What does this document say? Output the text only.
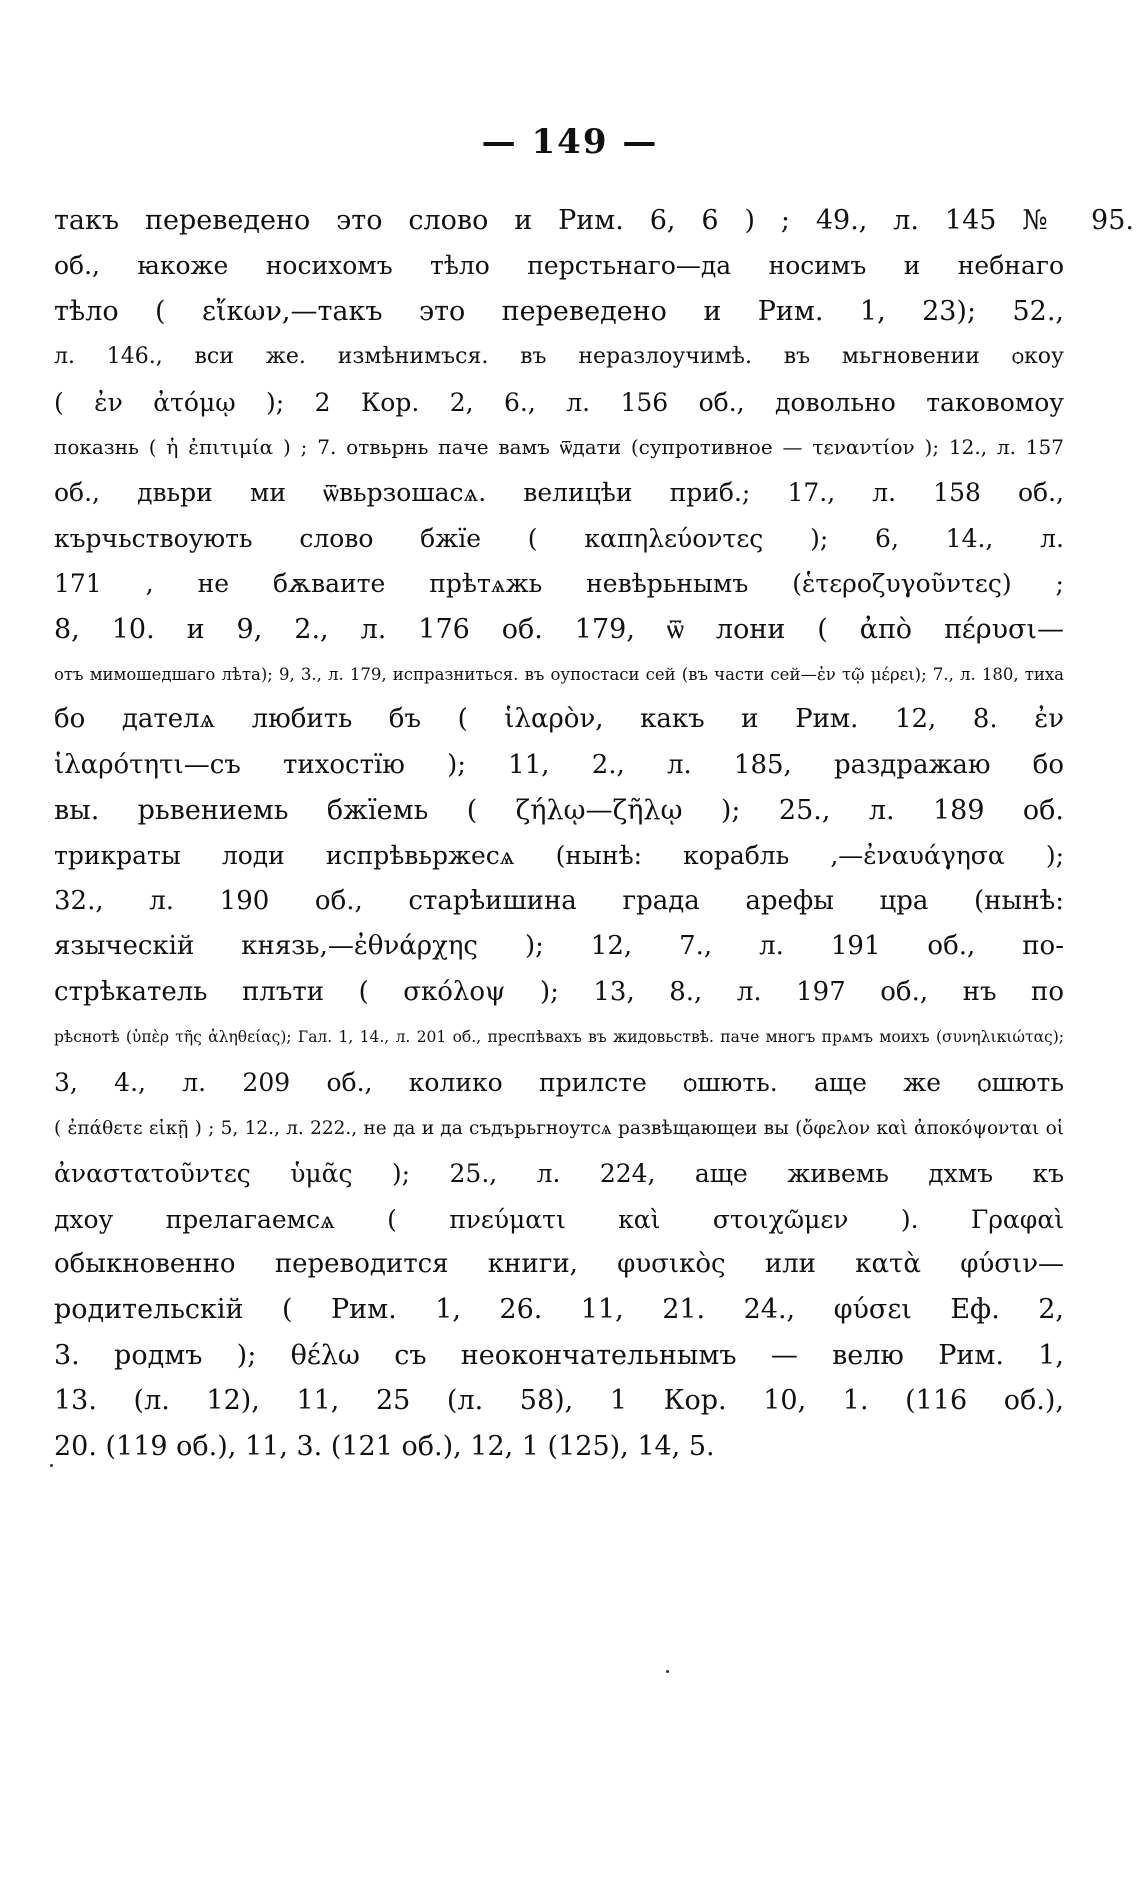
— 149 —
такъ переведено это слово и Рим. 6, 6 ) ; 49., л. 145 № 95.
об., ꙗкоже носихомъ тѣло перстьнаго—да носимъ и небнаго
тѣло ( εἴκων,—такъ это переведено и Рим. 1, 23); 52.,
л. 146., вси же. измѣнимъся. въ неразлоучимѣ. въ мьгновении ѻкоу
( ἐν ἀτόμῳ ); 2 Кор. 2, 6., л. 156 об., довольно таковомоу
показнь ( ἡ ἐπιτιμία ) ; 7. отвьрнь паче вамъ ѿдати (супротивное — τεναντίον ); 12., л. 157
об., двьри ми ѿвьрзошасѧ. велицѣи приб.; 17., л. 158 об.,
кърчьствоують слово бжїе ( καπηλεύοντες ); 6, 14., л.
171 , не бѫваите прѣтѧжь невѣрьнымъ (ἑτεροζυγοῦντες) ;
8, 10. и 9, 2., л. 176 об. 179, ѿ лони ( ἀπὸ πέρυσι—
отъ мимошедшаго лѣта); 9, 3., л. 179, испразниться. въ оупостаси сей (въ части сей—ἐν τῷ μέρει); 7., л. 180, тиха
бо дателѧ любить бъ ( ἱλαρὸν, какъ и Рим. 12, 8. ἐν
ἱλαρότητι—съ тихостїю ); 11, 2., л. 185, раздражаю бо
вы. рьвениемь бжїемь ( ζήλῳ—ζῆλῳ ); 25., л. 189 об.
трикраты лоди испрѣвьржесѧ (нынѣ: корабль ,—ἐναυάγησα );
32., л. 190 об., старѣишина града арефы цра (нынѣ:
языческій князь,—ἐθνάρχης ); 12, 7., л. 191 об., по-
стрѣкатель плъти ( σκόλοψ ); 13, 8., л. 197 об., нъ по
рѣснотѣ (ὑπὲρ τῆς ἀληθείας); Гал. 1, 14., л. 201 об., преспѣвахъ въ жидовьствѣ. паче многъ прѧмъ моихъ (συνηλικιώτας);
3, 4., л. 209 об., колико прилсте ѻшють. аще же ѻшють
( ἐπάθετε εἰκῇ ) ; 5, 12., л. 222., не да и да съдърьгноутсѧ развѣщающеи вы (ὄφελον καὶ ἀποκόψονται οἱ
ἀναστατοῦντες ὑμᾶς ); 25., л. 224, аще живемь дхмъ къ
дхоу прелагаемсѧ ( πνεύματι καὶ στοιχῶμεν ). Γραφαὶ
обыкновенно переводится книги, φυσικὸς или κατὰ φύσιν—
родительскій ( Рим. 1, 26. 11, 21. 24., φύσει Еф. 2,
3. родмъ ); θέλω съ неокончательнымъ — велю Рим. 1,
13. (л. 12), 11, 25 (л. 58), 1 Кор. 10, 1. (116 об.),
20. (119 об.), 11, 3. (121 об.), 12, 1 (125), 14, 5.
